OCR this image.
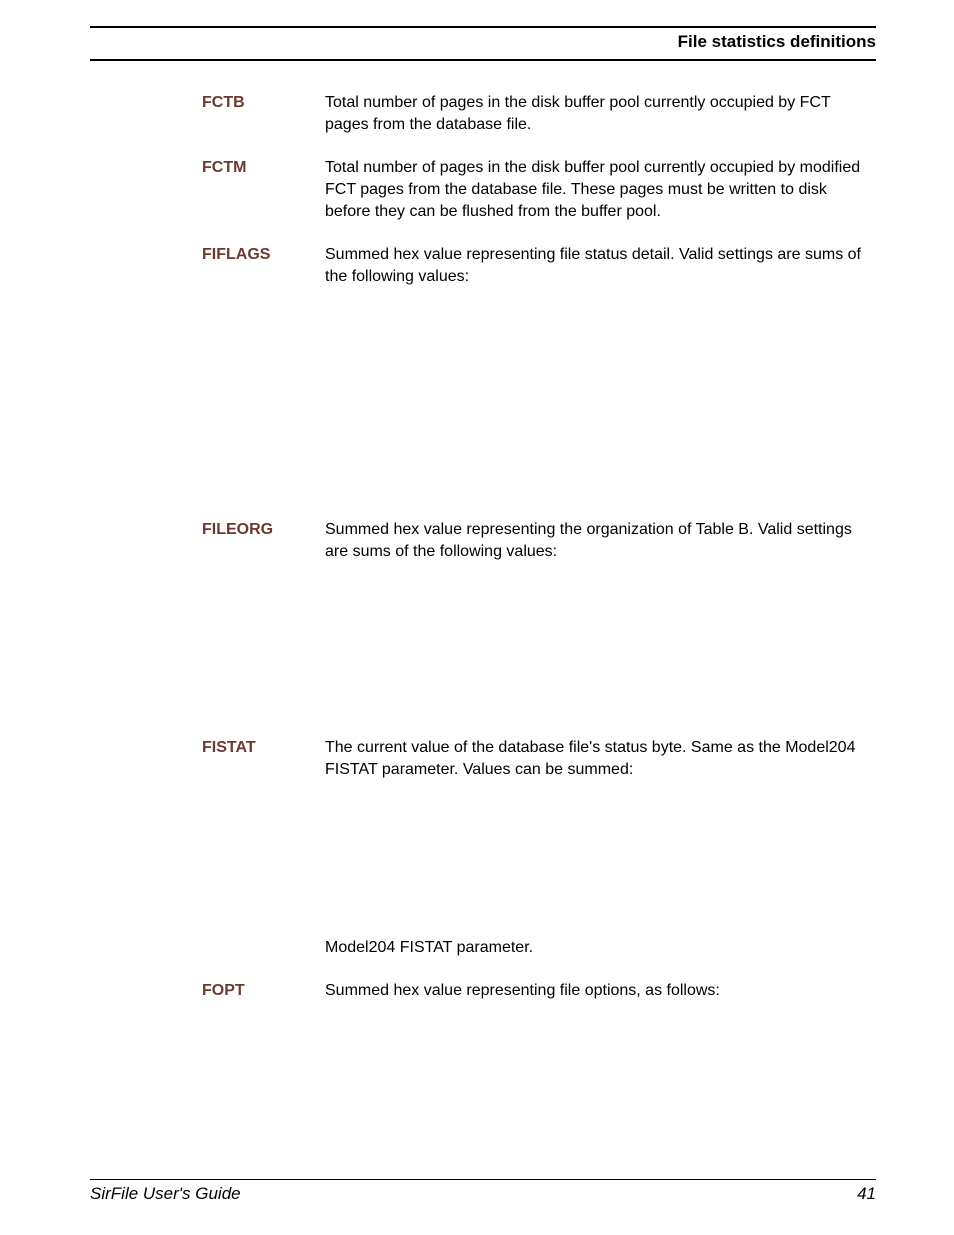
File statistics definitions
FCTB	Total number of pages in the disk buffer pool currently occupied by FCT pages from the database file.
FCTM	Total number of pages in the disk buffer pool currently occupied by modified FCT pages from the database file. These pages must be written to disk before they can be flushed from the buffer pool.
FIFLAGS	Summed hex value representing file status detail. Valid settings are sums of the following values:
FILEORG	Summed hex value representing the organization of Table B. Valid settings are sums of the following values:
FISTAT	The current value of the database file's status byte. Same as the Model204 FISTAT parameter. Values can be summed:
Model204 FISTAT parameter.
FOPT	Summed hex value representing file options, as follows:
SirFile User's Guide	41
